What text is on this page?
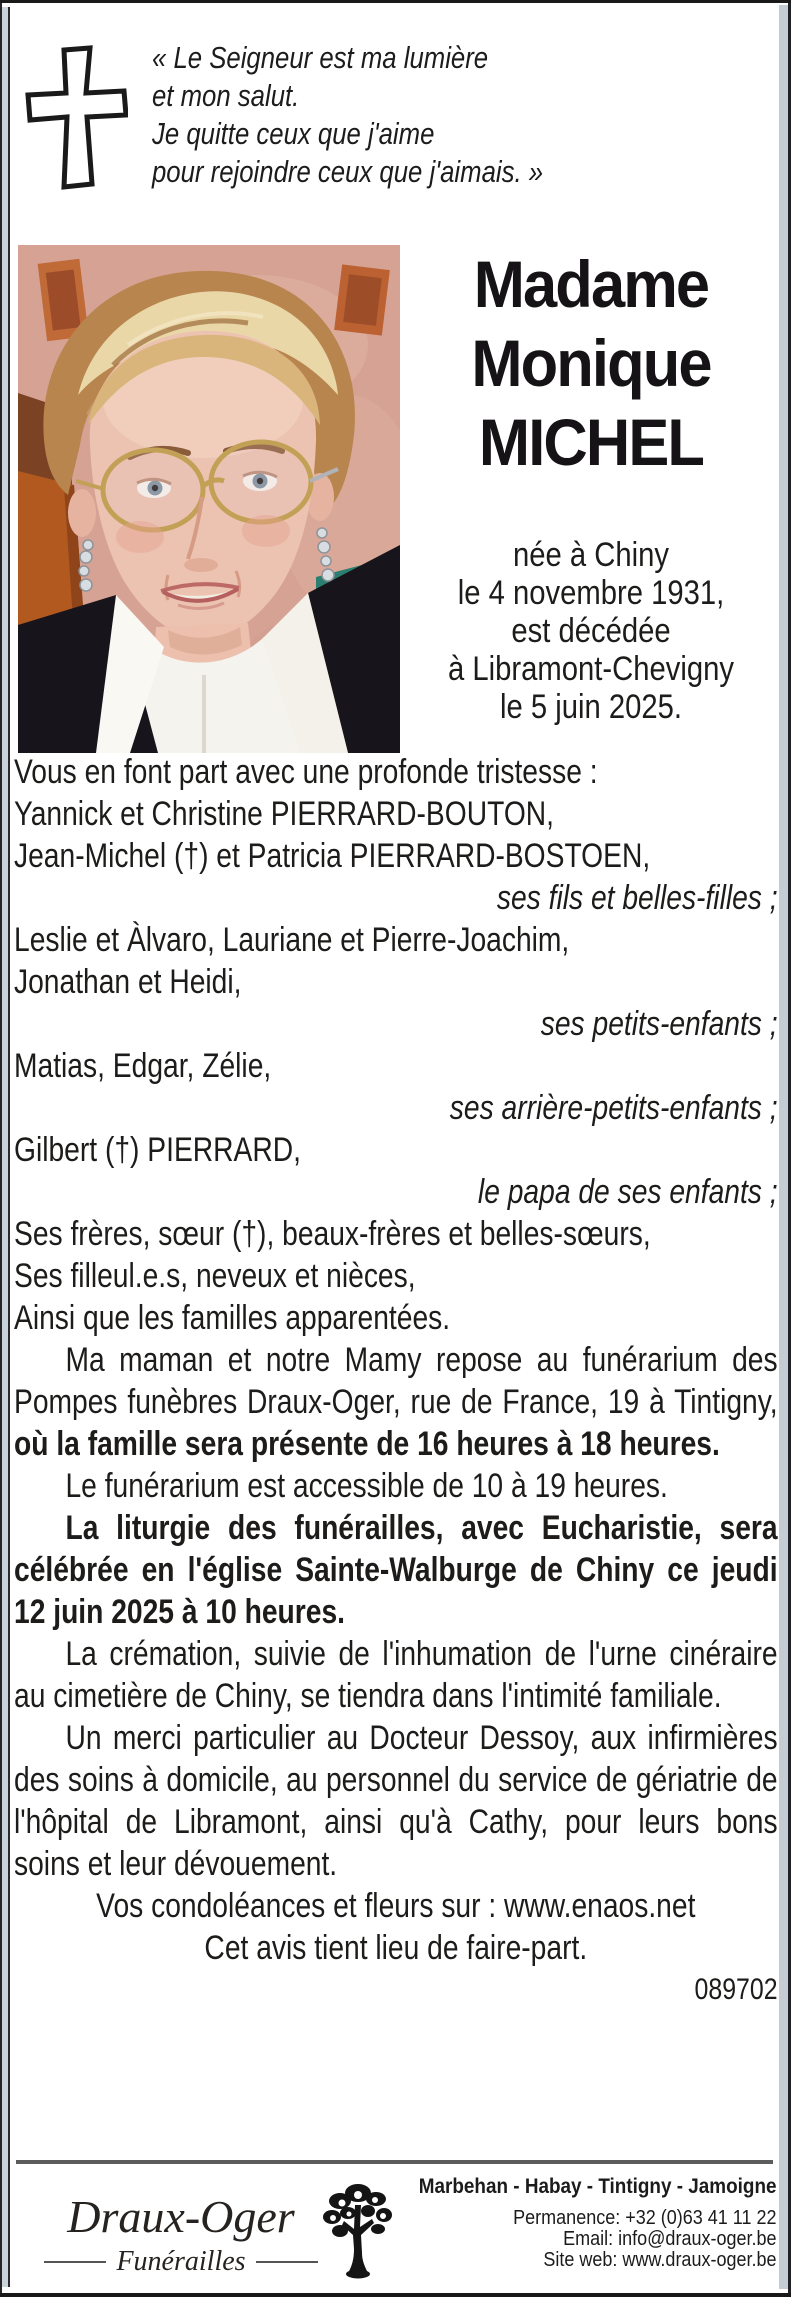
« Le Seigneur est ma lumière
et mon salut.
Je quitte ceux que j'aime
pour rejoindre ceux que j'aimais. »
Madame
Monique
MICHEL
née à Chiny
le 4 novembre 1931,
est décédée
à Libramont-Chevigny
le 5 juin 2025.
Vous en font part avec une profonde tristesse :
Yannick et Christine PIERRARD-BOUTON,
Jean-Michel (†) et Patricia PIERRARD-BOSTOEN,
ses fils et belles-filles ;
Leslie et Àlvaro, Lauriane et Pierre-Joachim,
Jonathan et Heidi,
ses petits-enfants ;
Matias, Edgar, Zélie,
ses arrière-petits-enfants ;
Gilbert (†) PIERRARD,
le papa de ses enfants ;
Ses frères, sœur (†), beaux-frères et belles-sœurs,
Ses filleul.e.s, neveux et nièces,
Ainsi que les familles apparentées.

Ma maman et notre Mamy repose au funérarium des Pompes funèbres Draux-Oger, rue de France, 19 à Tintigny, où la famille sera présente de 16 heures à 18 heures.

Le funérarium est accessible de 10 à 19 heures.

La liturgie des funérailles, avec Eucharistie, sera célébrée en l'église Sainte-Walburge de Chiny ce jeudi 12 juin 2025 à 10 heures.

La crémation, suivie de l'inhumation de l'urne cinéraire au cimetière de Chiny, se tiendra dans l'intimité familiale.

Un merci particulier au Docteur Dessoy, aux infirmières des soins à domicile, au personnel du service de gériatrie de l'hôpital de Libramont, ainsi qu'à Cathy, pour leurs bons soins et leur dévouement.

Vos condoléances et fleurs sur : www.enaos.net
Cet avis tient lieu de faire-part.
089702
Draux-Oger
Funérailles
Marbehan - Habay - Tintigny - Jamoigne
Permanence: +32 (0)63 41 11 22
Email: info@draux-oger.be
Site web: www.draux-oger.be
